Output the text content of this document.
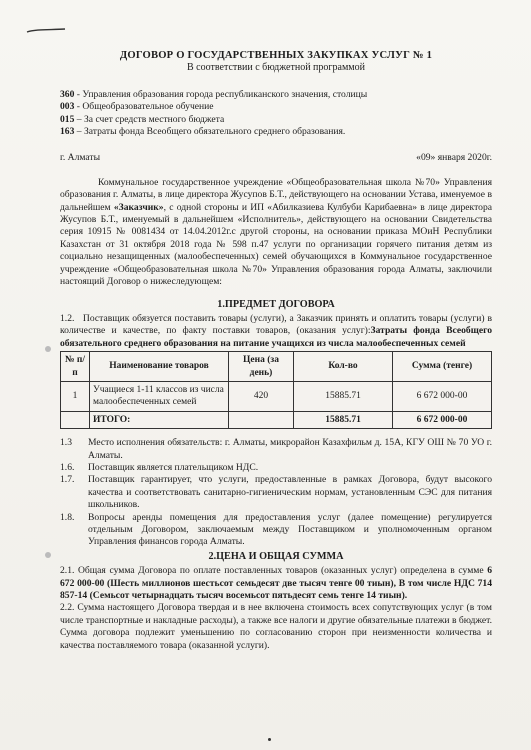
ДОГОВОР О ГОСУДАРСТВЕННЫХ ЗАКУПКАХ УСЛУГ № 1
В соответствии с бюджетной программой
360 - Управления образования города республиканского значения, столицы
003 - Общеобразовательное обучение
015 – За счет средств местного бюджета
163 – Затраты фонда Всеобщего обязательного среднего образования.
г. Алматы	«09» января 2020г.
Коммунальное государственное учреждение «Общеобразовательная школа №70» Управления образования г. Алматы, в лице директора Жусупов Б.Т., действующего на основании Устава, именуемое в дальнейшем «Заказчик», с одной стороны и ИП «Абилказиева Кулбуби Карибаевна» в лице директора Жусупов Б.Т., именуемый в дальнейшем «Исполнитель», действующего на основании Свидетельства серия 10915 № 0081434 от 14.04.2012г.с другой стороны, на основании приказа МОиН Республики Казахстан от 31 октября 2018 года № 598 п.47 услуги по организации горячего питания детям из социально незащищенных (малообеспеченных) семей обучающихся в Коммунальное государственное учреждение «Общеобразовательная школа №70» Управления образования города Алматы, заключили настоящий Договор о нижеследующем:
1.ПРЕДМЕТ ДОГОВОРА
1.2. Поставщик обязуется поставить товары (услуги), а Заказчик принять и оплатить товары (услуги) в количестве и качестве, по факту поставки товаров, (оказания услуг):Затраты фонда Всеобщего обязательного среднего образования на питание учащихся из числа малообеспеченных семей
№ п/п	Наименование товаров	Цена (за день)	Кол-во	Сумма (тенге)
1	Учащиеся 1-11 классов из числа малообеспеченных семей	420	15885.71	6 672 000-00
	ИТОГО:		15885.71	6 672 000-00
1.3	Место исполнения обязательств: г. Алматы, микрорайон Казахфильм д. 15А, КГУ ОШ № 70 УО г. Алматы.
1.6.	Поставщик является плательщиком НДС.
1.7.	Поставщик гарантирует, что услуги, предоставленные в рамках Договора, будут высокого качества и соответствовать санитарно-гигиеническим нормам, установленным СЭС для питания школьников.
1.8.	Вопросы аренды помещения для предоставления услуг (далее помещение) регулируется отдельным Договором, заключаемым между Поставщиком и уполномоченным органом Управления финансов города Алматы.
2.ЦЕНА И ОБЩАЯ СУММА
2.1. Общая сумма Договора по оплате поставленных товаров (оказанных услуг) определена в сумме 6 672 000-00 (Шесть миллионов шестьсот семьдесят две тысяч тенге 00 тиын), В том числе НДС 714 857-14 (Семьсот четырнадцать тысяч восемьсот пятьдесят семь тенге 14 тиын).
2.2. Сумма настоящего Договора твердая и в нее включена стоимость всех сопутствующих услуг (в том числе транспортные и накладные расходы), а также все налоги и другие обязательные платежи в бюджет. Сумма договора подлежит уменьшению по согласованию сторон при неизменности количества и качества поставляемого товара (оказанной услуги).
